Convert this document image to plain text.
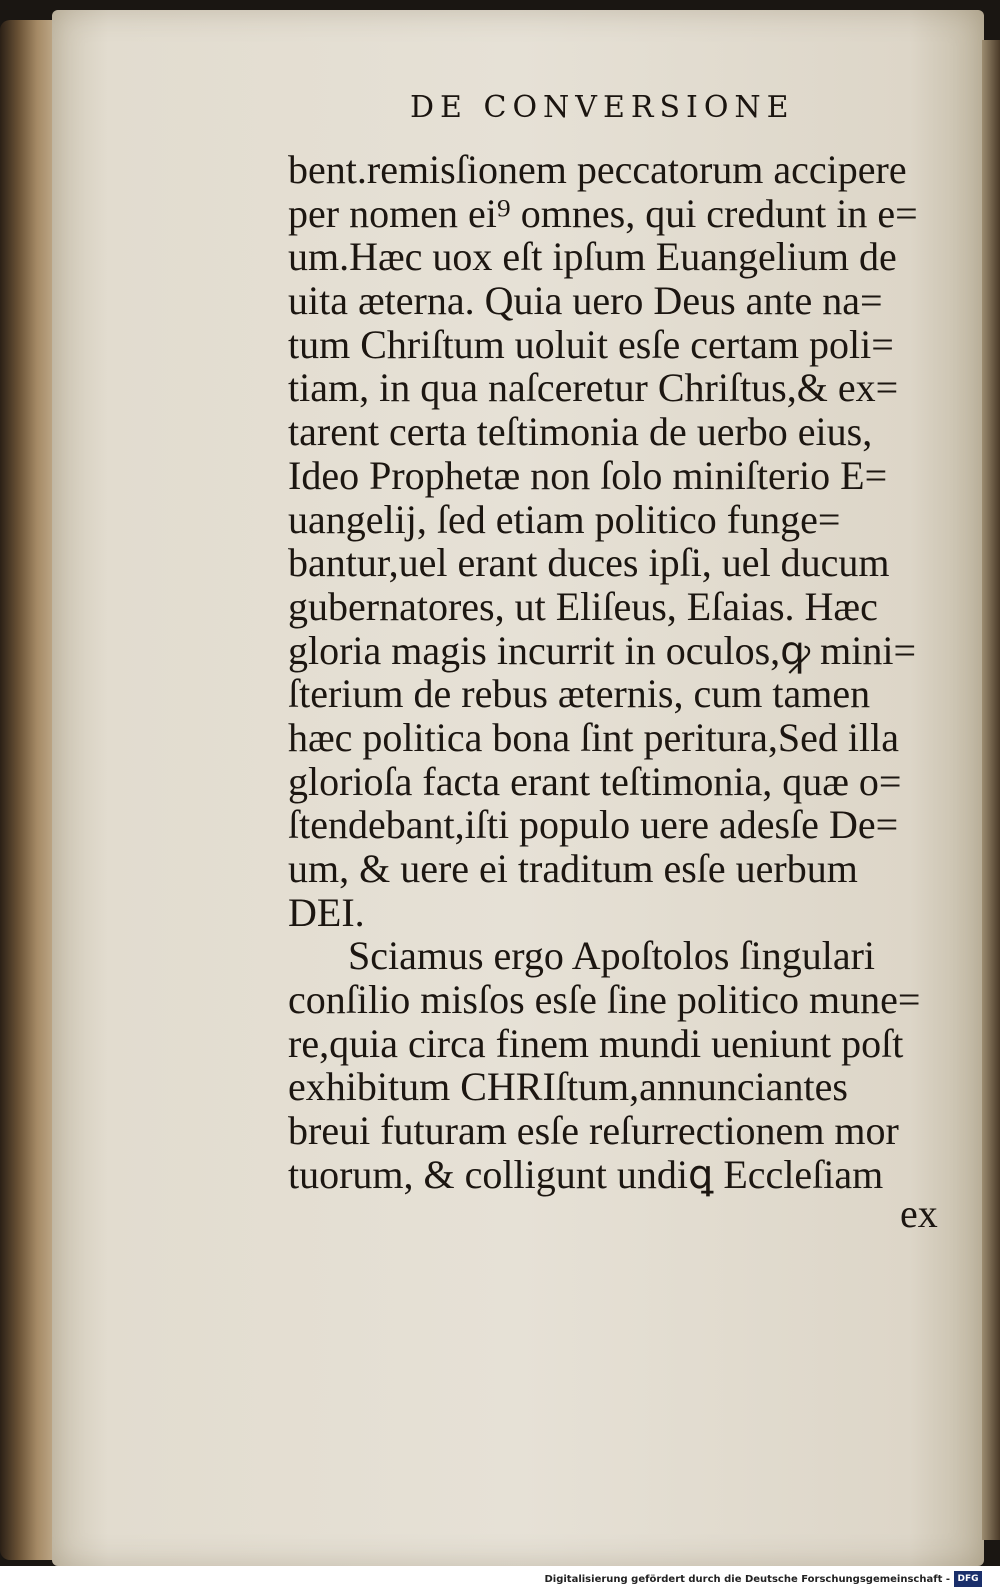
DE CONVERSIONE
bent.remisſionem peccatorum accipere
per nomen ei⁹ omnes, qui credunt in e=
um.Hæc uox eſt ipſum Euangelium de
uita æterna. Quia uero Deus ante na=
tum Chriſtum uoluit esſe certam poli=
tiam, in qua naſceretur Chriſtus,& ex=
tarent certa teſtimonia de uerbo eius,
Ideo Prophetæ non ſolo miniſterio E=
uangelij, ſed etiam politico funge=
bantur,uel erant duces ipſi, uel ducum
gubernatores, ut Eliſeus, Eſaias. Hæc
gloria magis incurrit in oculos,ꝙ mini=
ſterium de rebus æternis, cum tamen
hæc politica bona ſint peritura,Sed illa
glorioſa facta erant teſtimonia, quæ o=
ſtendebant,iſti populo uere adesſe De=
um, & uere ei traditum esſe uerbum
DEI.
Sciamus ergo Apoſtolos ſingulari
conſilio misſos esſe ſine politico mune=
re,quia circa finem mundi ueniunt poſt
exhibitum CHRIſtum,annunciantes
breui futuram esſe reſurrectionem mor
tuorum, & colligunt undiꝗ Eccleſiam
ex
Digitalisierung gefördert durch die Deutsche Forschungsgemeinschaft - DFG
